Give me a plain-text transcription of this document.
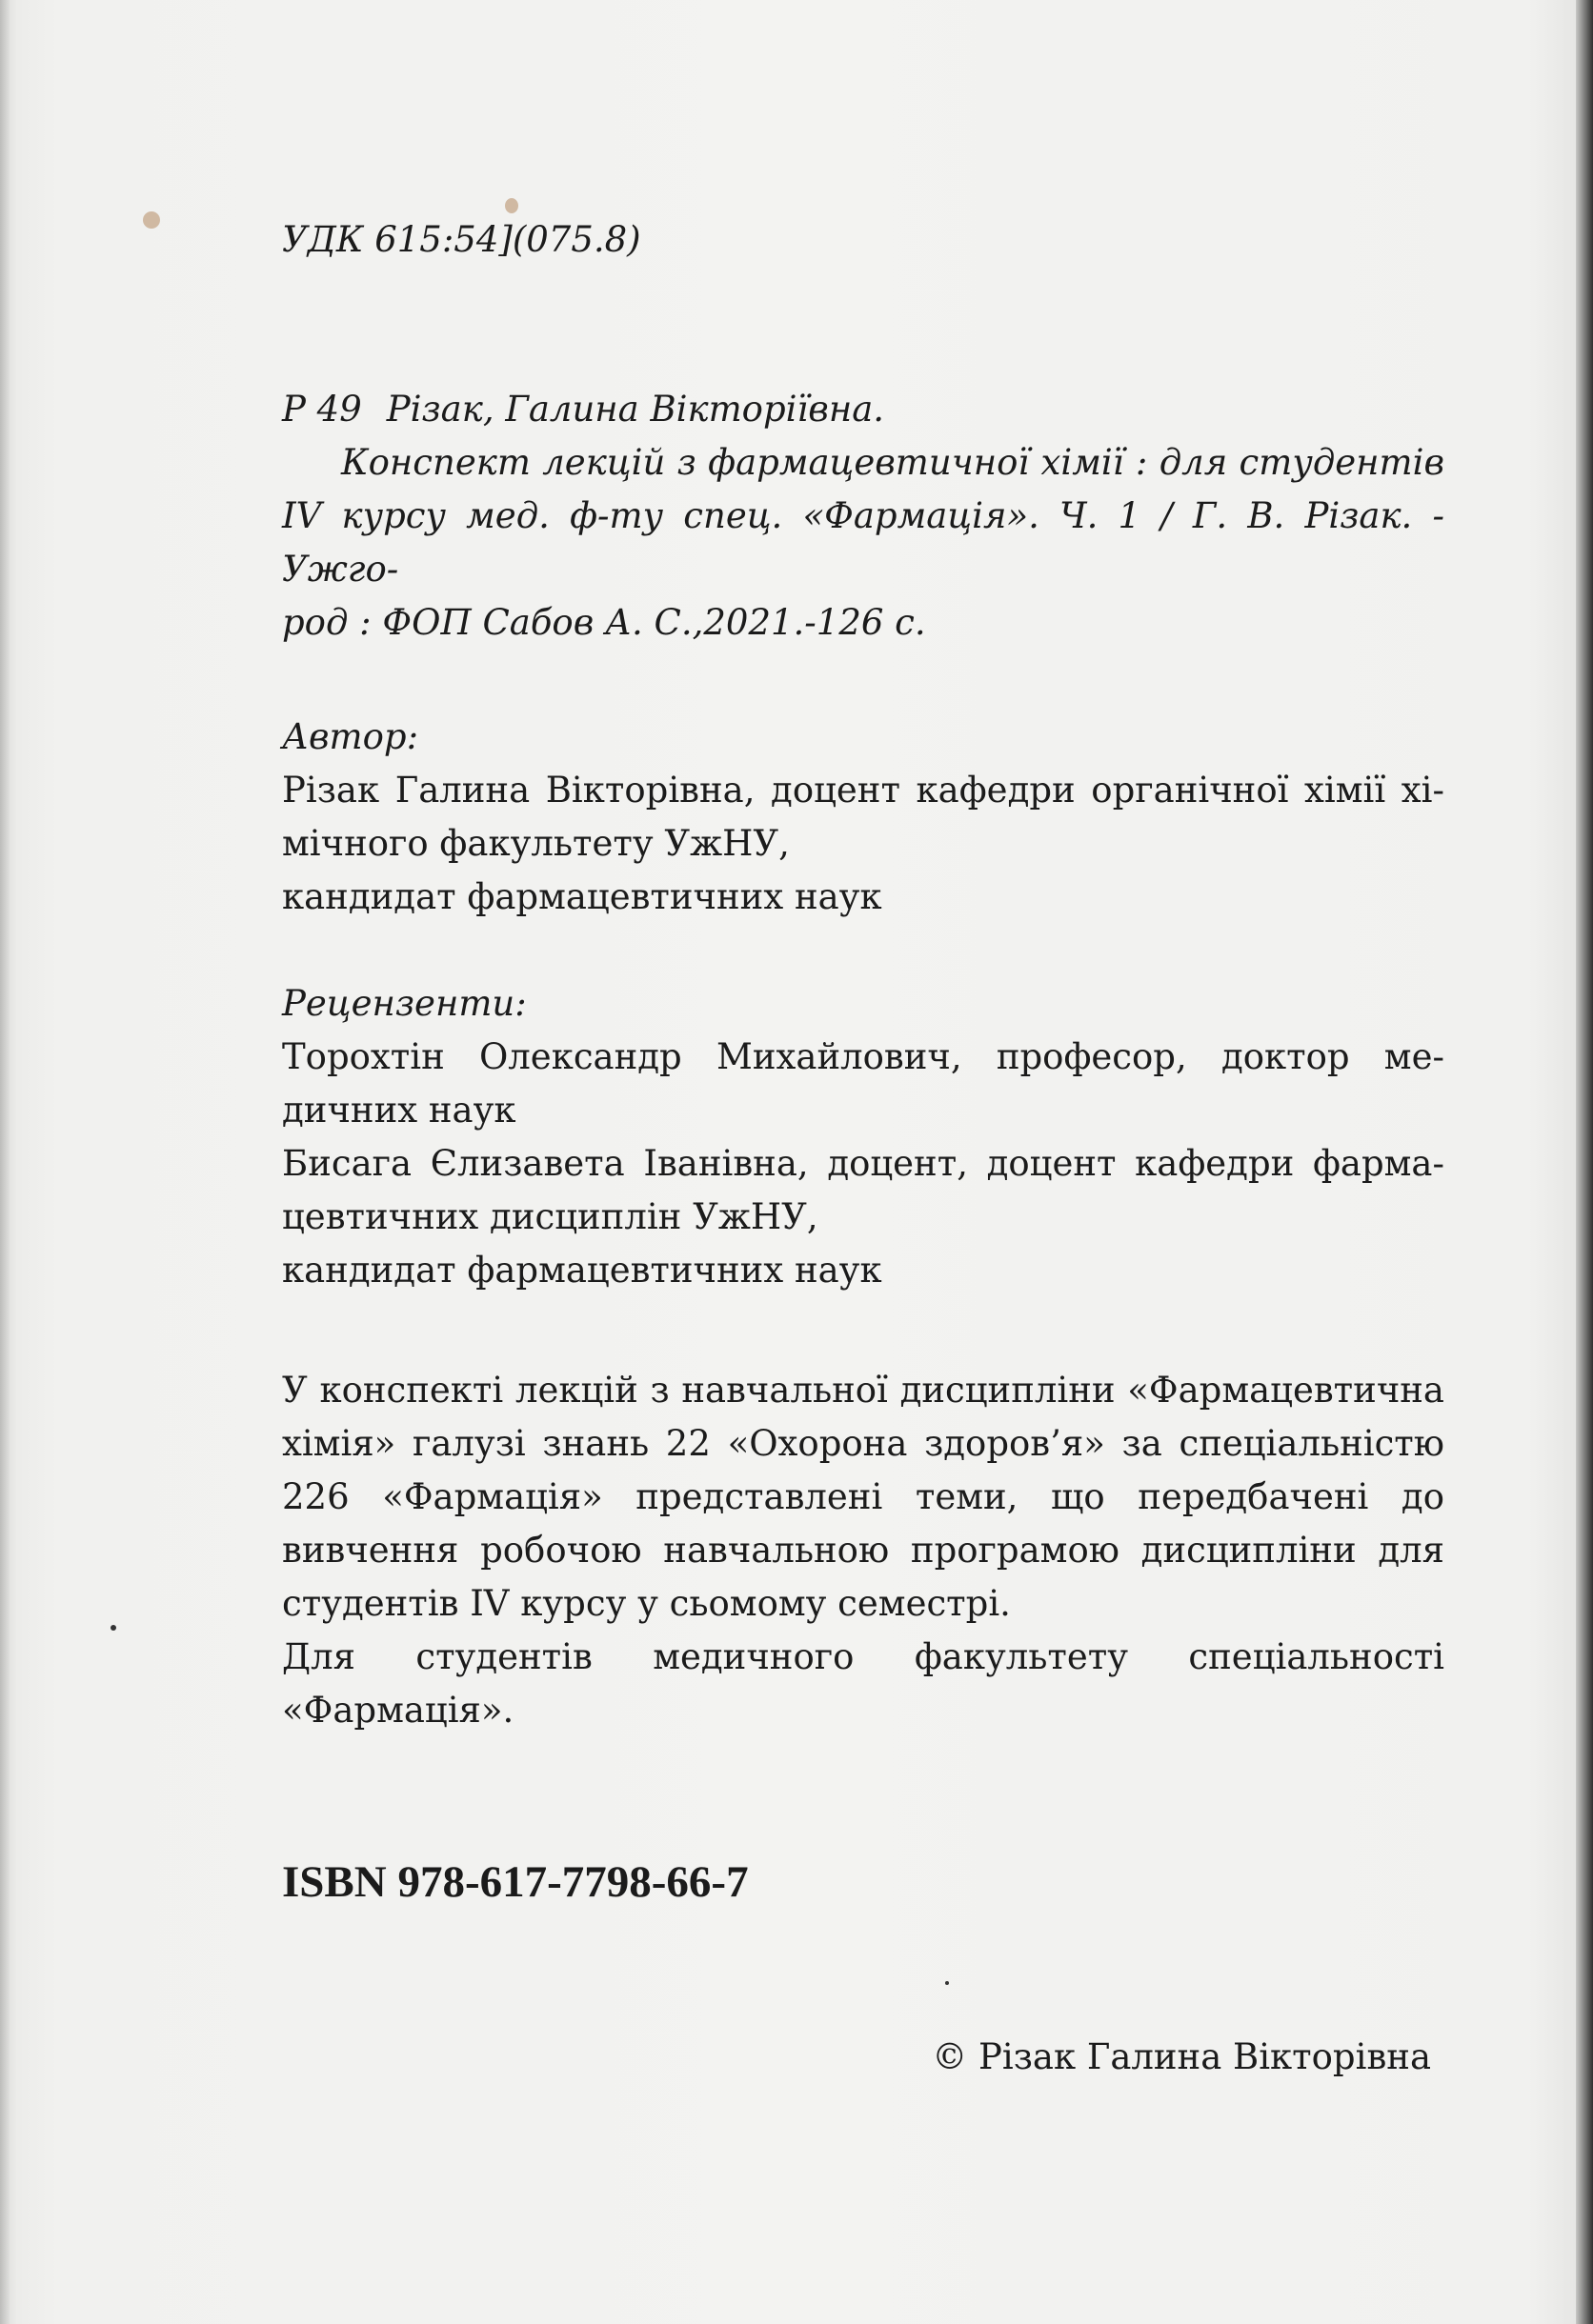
УДК 615:54](075.8)
Р 49 Різак, Галина Вікторіївна.
Конспект лекцій з фармацевтичної хімії : для студентів
IV курсу мед. ф-ту спец. «Фармація». Ч. 1 / Г. В. Різак. - Ужго-
род : ФОП Сабов А. С.,2021.-126 с.
Автор:
Різак Галина Вікторівна, доцент кафедри органічної хімії хі-
мічного факультету УжНУ,
кандидат фармацевтичних наук
Рецензенти:
Торохтін Олександр Михайлович, професор, доктор ме-
дичних наук
Бисага Єлизавета Іванівна, доцент, доцент кафедри фарма-
цевтичних дисциплін УжНУ,
кандидат фармацевтичних наук
У конспекті лекцій з навчальної дисципліни «Фармацевтична
хімія» галузі знань 22 «Охорона здоров’я» за спеціальністю
226 «Фармація» представлені теми, що передбачені до
вивчення робочою навчальною програмою дисципліни для
студентів IV курсу у сьомому семестрі.
Для студентів медичного факультету спеціальності
«Фармація».
ISBN 978-617-7798-66-7
© Різак Галина Вікторівна
